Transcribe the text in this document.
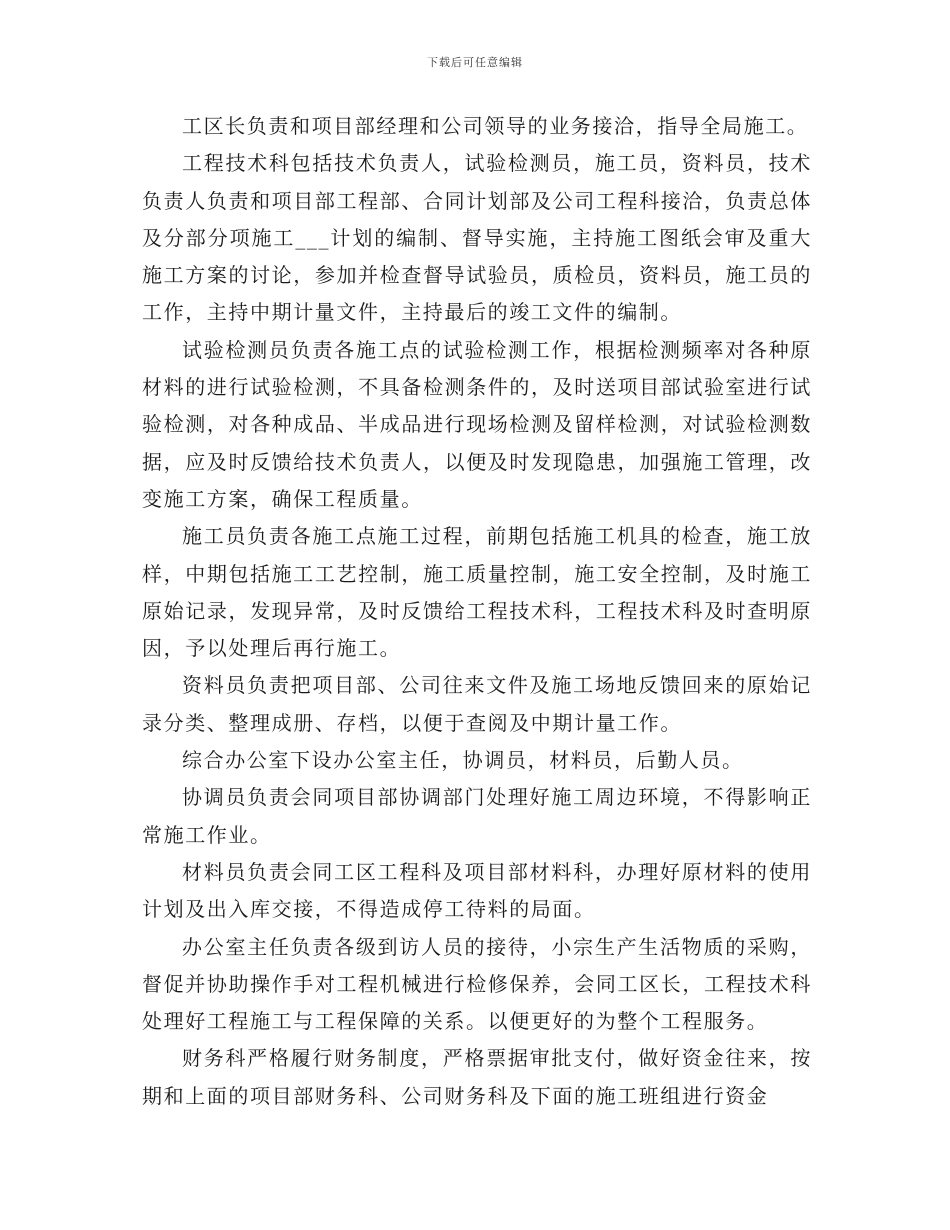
下载后可任意编辑

工区长负责和项目部经理和公司领导的业务接洽，指导全局施工。

工程技术科包括技术负责人，试验检测员，施工员，资料员，技术负责人负责和项目部工程部、合同计划部及公司工程科接洽，负责总体及分部分项施工___计划的编制、督导实施，主持施工图纸会审及重大施工方案的讨论，参加并检查督导试验员，质检员，资料员，施工员的工作，主持中期计量文件，主持最后的竣工文件的编制。

试验检测员负责各施工点的试验检测工作，根据检测频率对各种原材料的进行试验检测，不具备检测条件的，及时送项目部试验室进行试验检测，对各种成品、半成品进行现场检测及留样检测，对试验检测数据，应及时反馈给技术负责人，以便及时发现隐患，加强施工管理，改变施工方案，确保工程质量。

施工员负责各施工点施工过程，前期包括施工机具的检查，施工放样，中期包括施工工艺控制，施工质量控制，施工安全控制，及时施工原始记录，发现异常，及时反馈给工程技术科，工程技术科及时查明原因，予以处理后再行施工。

资料员负责把项目部、公司往来文件及施工场地反馈回来的原始记录分类、整理成册、存档，以便于查阅及中期计量工作。

综合办公室下设办公室主任，协调员，材料员，后勤人员。

协调员负责会同项目部协调部门处理好施工周边环境，不得影响正常施工作业。

材料员负责会同工区工程科及项目部材料科，办理好原材料的使用计划及出入库交接，不得造成停工待料的局面。

办公室主任负责各级到访人员的接待，小宗生产生活物质的采购，督促并协助操作手对工程机械进行检修保养，会同工区长，工程技术科处理好工程施工与工程保障的关系。以便更好的为整个工程服务。

财务科严格履行财务制度，严格票据审批支付，做好资金往来，按期和上面的项目部财务科、公司财务科及下面的施工班组进行资金
